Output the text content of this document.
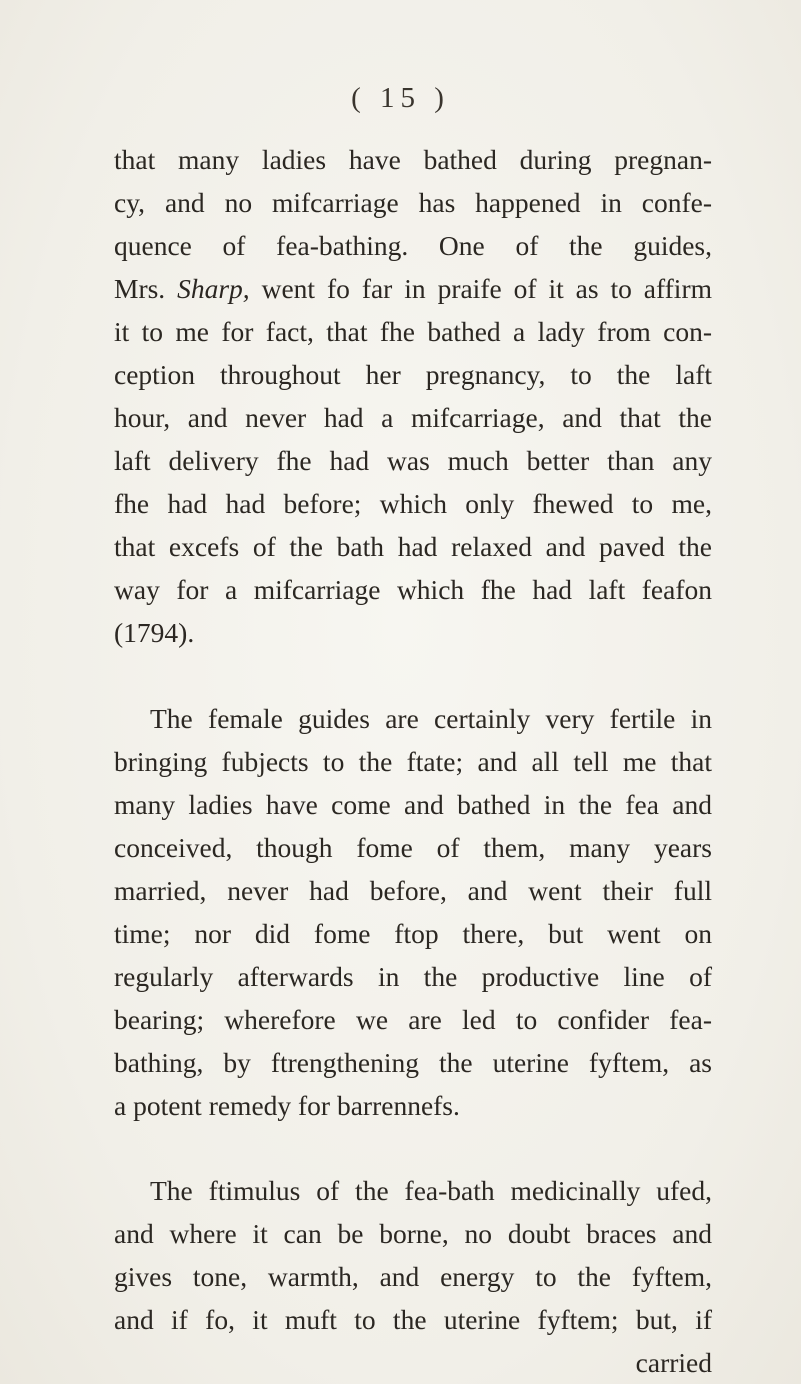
( 15 )
that many ladies have bathed during pregnan-
cy, and no mifcarriage has happened in confe-
quence of fea-bathing. One of the guides,
Mrs. Sharp, went fo far in praife of it as to affirm
it to me for fact, that fhe bathed a lady from con-
ception throughout her pregnancy, to the laft
hour, and never had a mifcarriage, and that the
laft delivery fhe had was much better than any
fhe had had before; which only fhewed to me,
that excefs of the bath had relaxed and paved the
way for a mifcarriage which fhe had laft feafon
(1794).
The female guides are certainly very fertile in
bringing fubjects to the ftate; and all tell me that
many ladies have come and bathed in the fea and
conceived, though fome of them, many years
married, never had before, and went their full
time; nor did fome ftop there, but went on
regularly afterwards in the productive line of
bearing; wherefore we are led to confider fea-
bathing, by ftrengthening the uterine fyftem, as
a potent remedy for barrennefs.
The ftimulus of the fea-bath medicinally ufed,
and where it can be borne, no doubt braces and
gives tone, warmth, and energy to the fyftem,
and if fo, it muft to the uterine fyftem; but, if
carried
